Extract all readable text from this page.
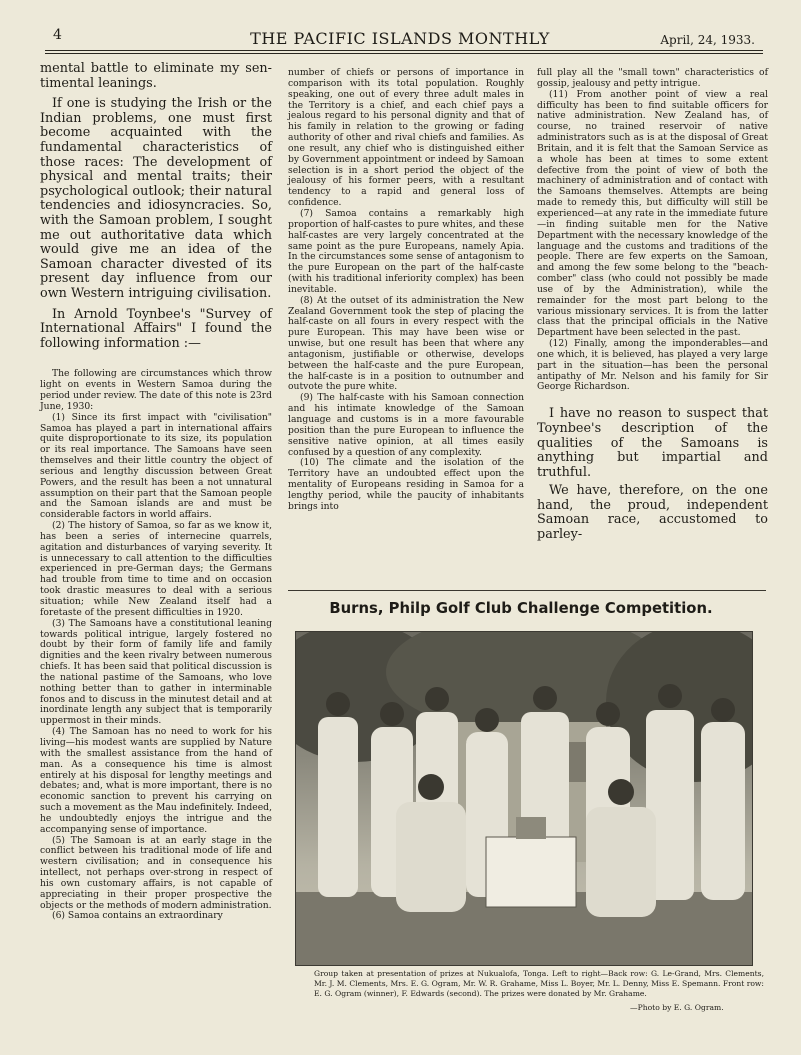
4	THE PACIFIC ISLANDS MONTHLY	April, 24, 1933.
mental battle to eliminate my sen-
timental leanings.

If one is studying the Irish or the Indian problems, one must first become acquainted with the fundamental characteristics of those races: The development of physical and mental traits; their psychological outlook; their natural tendencies and idiosyncracies. So, with the Samoan problem, I sought me out authoritative data which would give me an idea of the Samoan character divested of its present day influence from our own Western intriguing civilisation.

In Arnold Toynbee's "Survey of International Affairs" I found the following information :—

The following are circumstances which throw light on events in Western Samoa during the period under review. The date of this note is 23rd June, 1930:

(1) Since its first impact with "civilisation" Samoa has played a part in international affairs quite disproportionate to its size, its population or its real importance. The Samoans have seen themselves and their little country the object of serious and lengthy discussion between Great Powers, and the result has been a not unnatural assumption on their part that the Samoan people and the Samoan islands are and must be considerable factors in world affairs.

(2) The history of Samoa, so far as we know it, has been a series of internecine quarrels, agitation and disturbances of varying severity. It is unnecessary to call attention to the difficulties experienced in pre-German days; the Germans had trouble from time to time and on occasion took drastic measures to deal with a serious situation; while New Zealand itself had a foretaste of the present difficulties in 1920.

(3) The Samoans have a constitutional leaning towards political intrigue, largely fostered no doubt by their form of family life and family dignities and the keen rivalry between numerous chiefs. It has been said that political discussion is the national pastime of the Samoans, who love nothing better than to gather in interminable fonos and to discuss in the minutest detail and at inordinate length any subject that is temporarily uppermost in their minds.

(4) The Samoan has no need to work for his living—his modest wants are supplied by Nature with the smallest assistance from the hand of man. As a consequence his time is almost entirely at his disposal for lengthy meetings and debates; and, what is more important, there is no economic sanction to prevent his carrying on such a movement as the Mau indefinitely. Indeed, he undoubtedly enjoys the intrigue and the accompanying sense of importance.

(5) The Samoan is at an early stage in the conflict between his traditional mode of life and western civilisation; and in consequence his intellect, not perhaps over-strong in respect of his own customary affairs, is not capable of appreciating in their proper prospective the objects or the methods of modern administration.

(6) Samoa contains an extraordinary

number of chiefs or persons of importance in comparison with its total population. Roughly speaking, one out of every three adult males in the Territory is a chief, and each chief pays a jealous regard to his personal dignity and that of his family in relation to the growing or fading authority of other and rival chiefs and families. As one result, any chief who is distinguished either by Government appointment or indeed by Samoan selection is in a short period the object of the jealousy of his former peers, with a resultant tendency to a rapid and general loss of confidence.

(7) Samoa contains a remarkably high proportion of half-castes to pure whites, and these half-castes are very largely concentrated at the same point as the pure Europeans, namely Apia. In the circumstances some sense of antagonism to the pure European on the part of the half-caste (with his traditional inferiority complex) has been inevitable.

(8) At the outset of its administration the New Zealand Government took the step of placing the half-caste on all fours in every respect with the pure European. This may have been wise or unwise, but one result has been that where any antagonism, justifiable or otherwise, develops between the half-caste and the pure European, the half-caste is in a position to outnumber and outvote the pure white.

(9) The half-caste with his Samoan connection and his intimate knowledge of the Samoan language and customs is in a more favourable position than the pure European to influence the sensitive native opinion, at all times easily confused by a question of any complexity.

(10) The climate and the isolation of the Territory have an undoubted effect upon the mentality of Europeans residing in Samoa for a lengthy period, while the paucity of inhabitants brings into

full play all the "small town" characteristics of gossip, jealousy and petty intrigue.

(11) From another point of view a real difficulty has been to find suitable officers for native administration. New Zealand has, of course, no trained reservoir of native administrators such as is at the disposal of Great Britain, and it is felt that the Samoan Service as a whole has been at times to some extent defective from the point of view of both the machinery of administration and of contact with the Samoans themselves. Attempts are being made to remedy this, but difficulty will still be experienced—at any rate in the immediate future—in finding suitable men for the Native Department with the necessary knowledge of the language and the customs and traditions of the people. There are few experts on the Samoan, and among the few some belong to the "beach-comber" class (who could not possibly be made use of by the Administration), while the remainder for the most part belong to the various missionary services. It is from the latter class that the principal officials in the Native Department have been selected in the past.

(12) Finally, among the imponderables—and one which, it is believed, has played a very large part in the situation—has been the personal antipathy of Mr. Nelson and his family for Sir George Richardson.

I have no reason to suspect that Toynbee's description of the qualities of the Samoans is anything but impartial and truthful.

We have, therefore, on the one hand, the proud, independent Samoan race, accustomed to parley-

Burns, Philp Golf Club Challenge Competition.
Group taken at presentation of prizes at Nukualofa, Tonga. Left to right—Back row: G. Le-Grand, Mrs. Clements, Mr. J. M. Clements, Mrs. E. G. Ogram, Mr. W. R. Grahame, Miss L. Boyer, Mr. L. Denny, Miss E. Spemann. Front row: E. G. Ogram (winner), F. Edwards (second). The prizes were donated by Mr. Grahame.
—Photo by E. G. Ogram.
